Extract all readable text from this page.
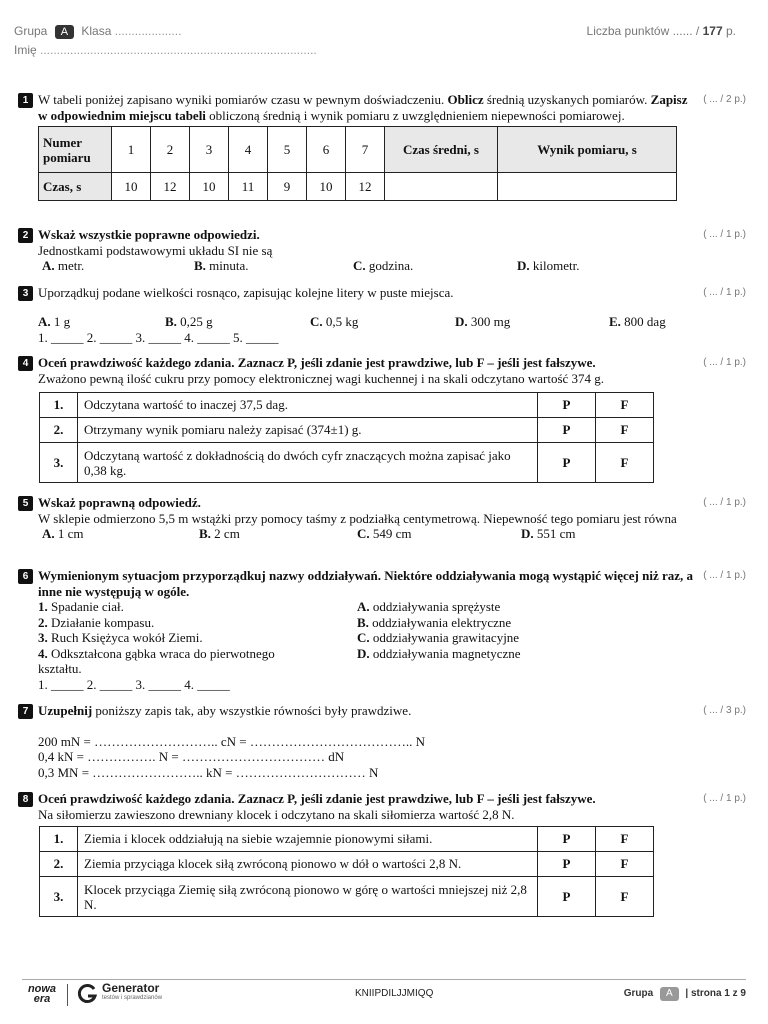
Grupa A Klasa ....................
Imię ...................................................................................
Liczba punktów ...... / 177 p.
1 W tabeli poniżej zapisano wyniki pomiarów czasu w pewnym doświadczeniu. Oblicz średnią uzyskanych pomiarów. Zapisz w odpowiednim miejscu tabeli obliczoną średnią i wynik pomiaru z uwzględnieniem niepewności pomiarowej.
Numer pomiaru	1	2	3	4	5	6	7	Czas średni, s	Wynik pomiaru, s
Czas, s	10	12	10	11	9	10	12		
( ... / 2 p.)
2 Wskaż wszystkie poprawne odpowiedzi.
Jednostkami podstawowymi układu SI nie są
A. metr.	B. minuta.	C. godzina.	D. kilometr.
( ... / 1 p.)
3 Uporządkuj podane wielkości rosnąco, zapisując kolejne litery w puste miejsca.
A. 1 g	B. 0,25 g	C. 0,5 kg	D. 300 mg	E. 800 dag
1. _____ 2. _____ 3. _____ 4. _____ 5. _____
( ... / 1 p.)
4 Oceń prawdziwość każdego zdania. Zaznacz P, jeśli zdanie jest prawdziwe, lub F – jeśli jest fałszywe.
Zważono pewną ilość cukru przy pomocy elektronicznej wagi kuchennej i na skali odczytano wartość 374 g.
1.	Odczytana wartość to inaczej 37,5 dag.	P	F
2.	Otrzymany wynik pomiaru należy zapisać (374±1) g.	P	F
3.	Odczytaną wartość z dokładnością do dwóch cyfr znaczących można zapisać jako 0,38 kg.	P	F
( ... / 1 p.)
5 Wskaż poprawną odpowiedź.
W sklepie odmierzono 5,5 m wstążki przy pomocy taśmy z podziałką centymetrową. Niepewność tego pomiaru jest równa
A. 1 cm	B. 2 cm	C. 549 cm	D. 551 cm
( ... / 1 p.)
6 Wymienionym sytuacjom przyporządkuj nazwy oddziaływań. Niektóre oddziaływania mogą wystąpić więcej niż raz, a inne nie występują w ogóle.
1. Spadanie ciał.
2. Działanie kompasu.
3. Ruch Księżyca wokół Ziemi.
4. Odkształcona gąbka wraca do pierwotnego kształtu.
A. oddziaływania sprężyste
B. oddziaływania elektryczne
C. oddziaływania grawitacyjne
D. oddziaływania magnetyczne
1. _____ 2. _____ 3. _____ 4. _____
( ... / 1 p.)
7 Uzupełnij poniższy zapis tak, aby wszystkie równości były prawdziwe.
200 mN = ……………………….. cN = ……………………………….. N
0,4 kN = ……………. N = …………………………… dN
0,3 MN = …………………….. kN = ………………………… N
( ... / 3 p.)
8 Oceń prawdziwość każdego zdania. Zaznacz P, jeśli zdanie jest prawdziwe, lub F – jeśli jest fałszywe.
Na siłomierzu zawieszono drewniany klocek i odczytano na skali siłomierza wartość 2,8 N.
1.	Ziemia i klocek oddziałują na siebie wzajemnie pionowymi siłami.	P	F
2.	Ziemia przyciąga klocek siłą zwróconą pionowo w dół o wartości 2,8 N.	P	F
3.	Klocek przyciąga Ziemię siłą zwróconą pionowo w górę o wartości mniejszej niż 2,8 N.	P	F
( ... / 1 p.)
nowa
era
Generator
testów i sprawdzianów	KNIIPDILJJMIQQ	Grupa A | strona 1 z 9
